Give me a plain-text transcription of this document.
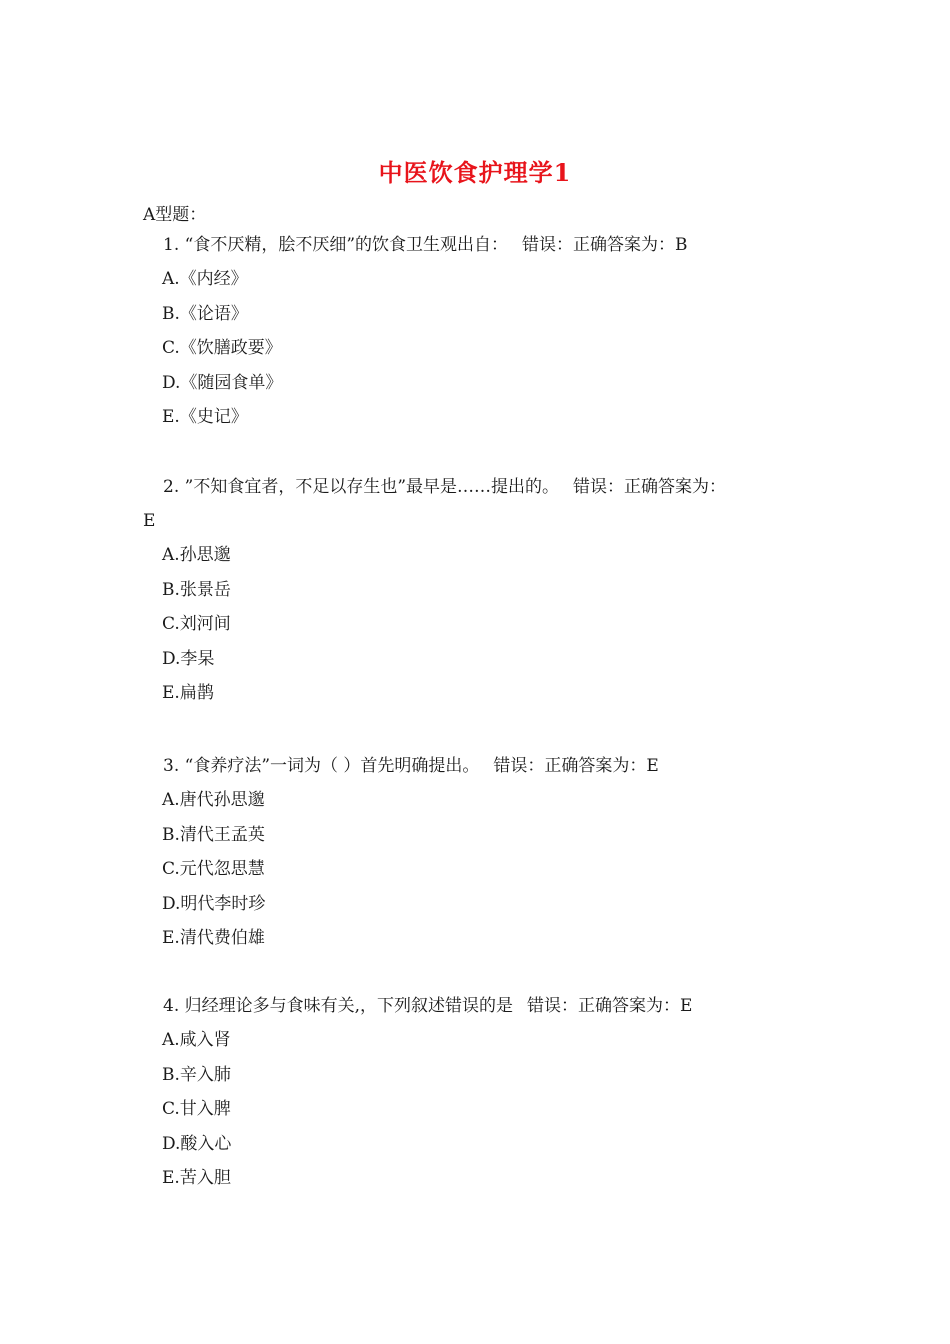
中医饮食护理学1
A型题：

1. “食不厌精，脍不厌细”的饮食卫生观出自： 错误：正确答案为：B

A.《内经》
B.《论语》
C.《饮膳政要》
D.《随园食单》
E.《史记》

2. ”不知食宜者，不足以存生也”最早是……提出的。 错误：正确答案为：
E

A.孙思邈
B.张景岳
C.刘河间
D.李杲
E.扁鹊

3. “食养疗法”一词为（ ）首先明确提出。 错误：正确答案为：E

A.唐代孙思邈
B.清代王孟英
C.元代忽思慧
D.明代李时珍
E.清代费伯雄

4. 归经理论多与食味有关,，下列叙述错误的是 错误：正确答案为：E

A.咸入肾
B.辛入肺
C.甘入脾
D.酸入心
E.苦入胆
